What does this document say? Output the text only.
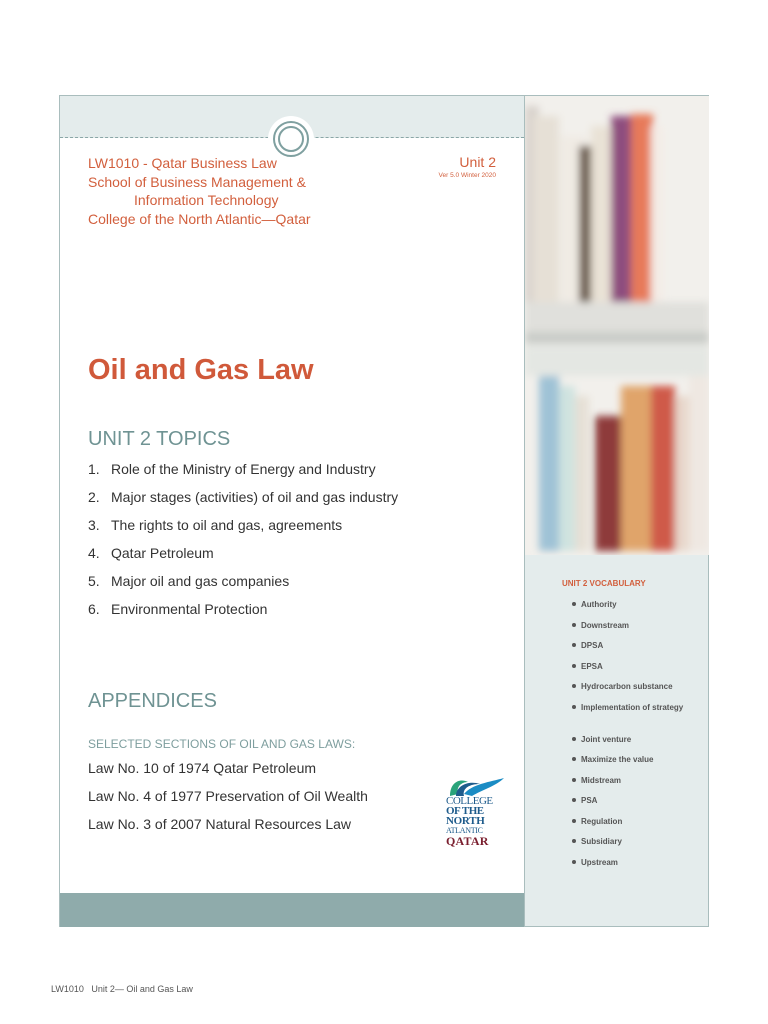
LW1010 - Qatar Business Law
School of Business Management &
Information Technology
College of the North Atlantic—Qatar
Unit 2
Ver 5.0 Winter 2020
Oil and Gas Law
UNIT 2 TOPICS
1. Role of the Ministry of Energy and Industry
2. Major stages (activities) of oil and gas industry
3. The rights to oil and gas, agreements
4. Qatar Petroleum
5. Major oil and gas companies
6. Environmental Protection
APPENDICES
SELECTED SECTIONS OF OIL AND GAS LAWS:
Law No. 10 of 1974 Qatar Petroleum
Law No. 4 of 1977 Preservation of Oil Wealth
Law No. 3 of 2007 Natural Resources Law
COLLEGE
OF THE
NORTH
ATLANTIC
QATAR
UNIT 2 VOCABULARY
Authority
Downstream
DPSA
EPSA
Hydrocarbon substance
Implementation of strategy
Joint venture
Maximize the value
Midstream
PSA
Regulation
Subsidiary
Upstream
LW1010   Unit 2— Oil and Gas Law
